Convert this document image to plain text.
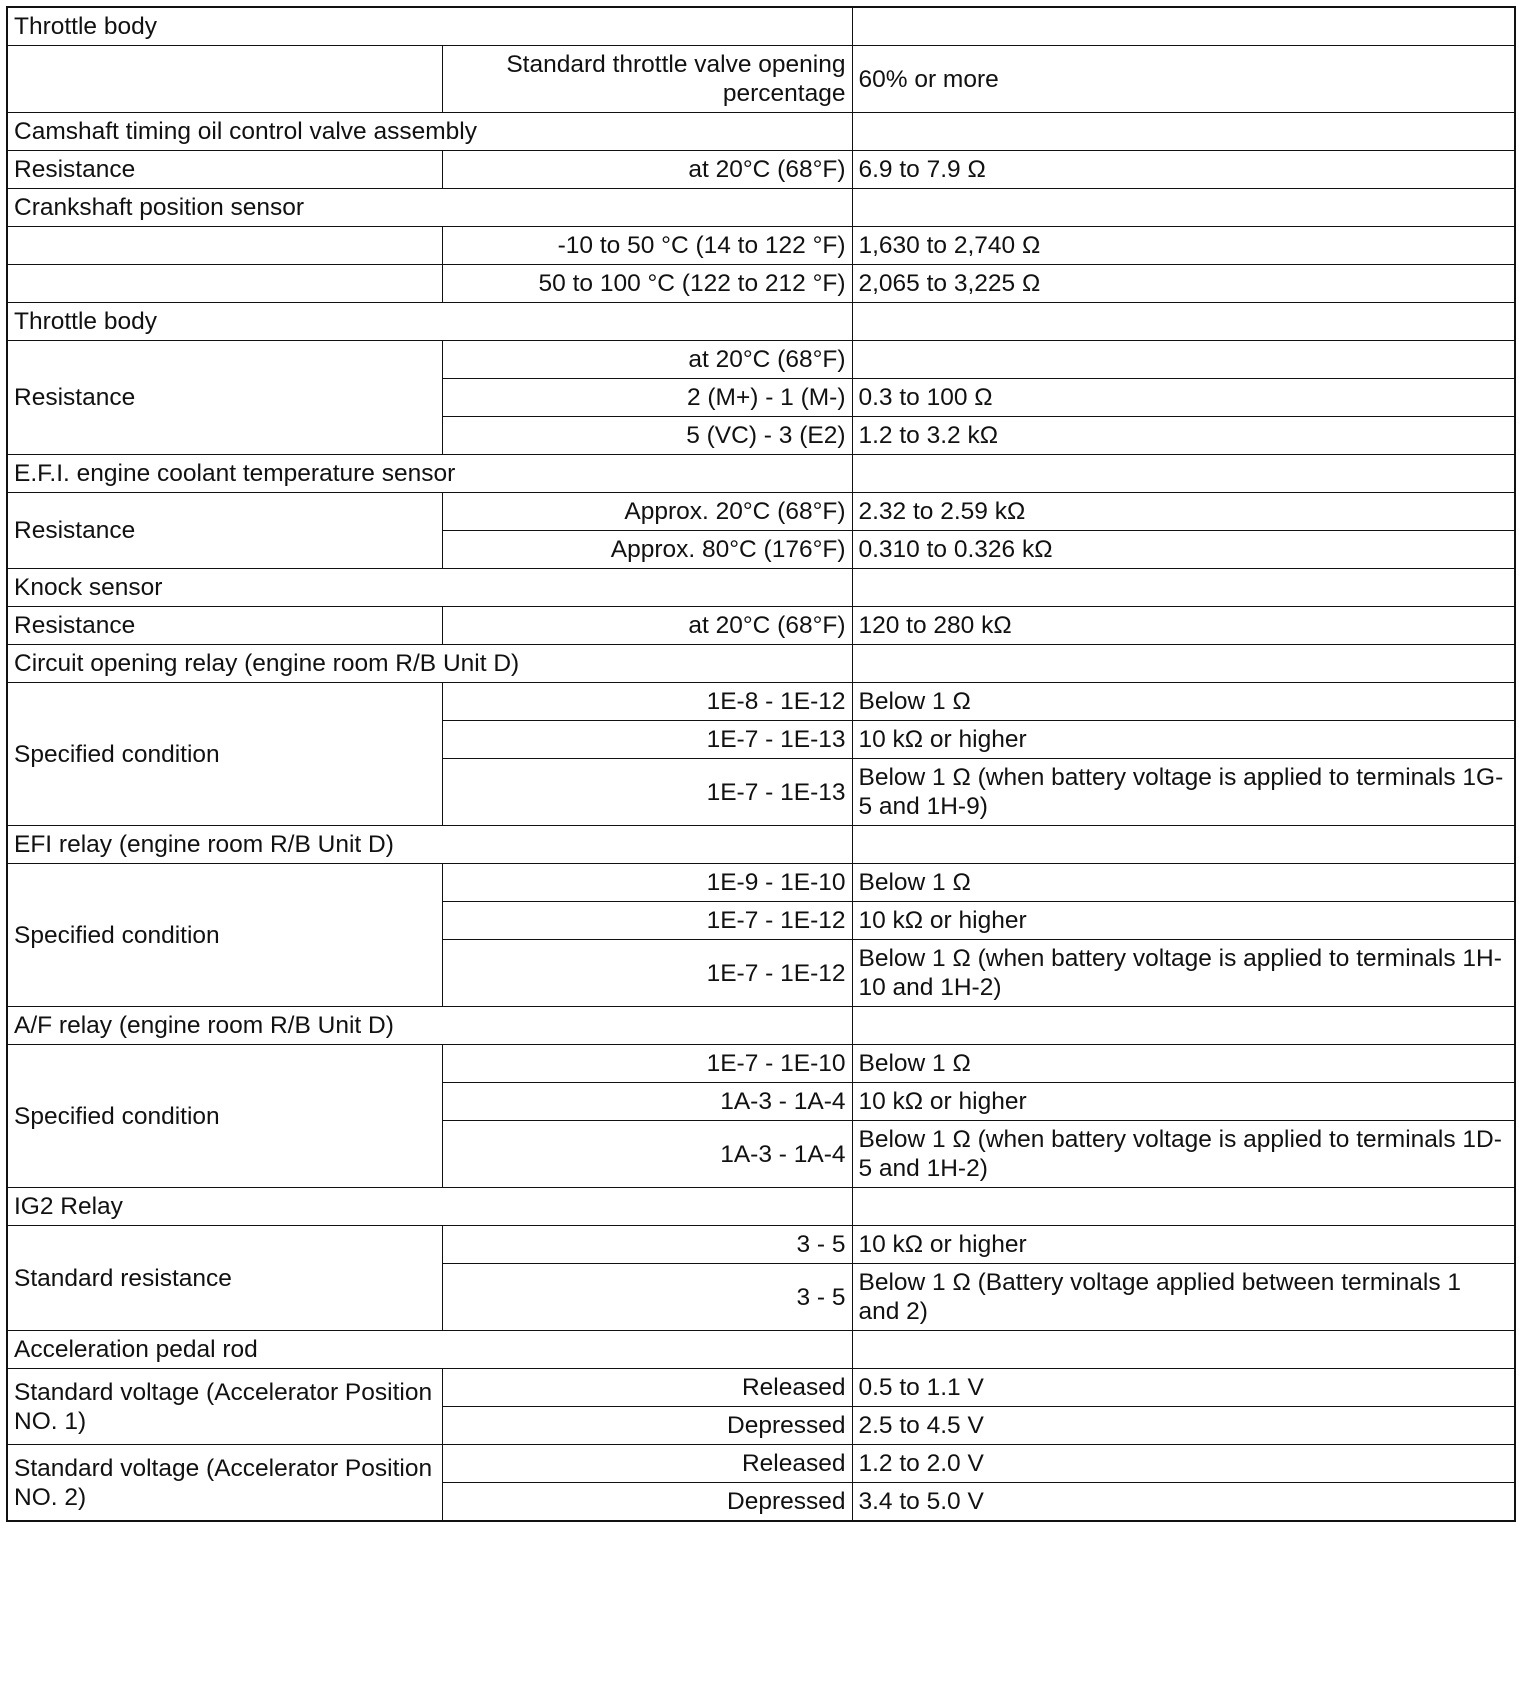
Throttle body		
	Standard throttle valve opening percentage	60% or more
Camshaft timing oil control valve assembly		
Resistance	at 20°C (68°F)	6.9 to 7.9 Ω
Crankshaft position sensor		
	-10 to 50 °C (14 to 122 °F)	1,630 to 2,740 Ω
	50 to 100 °C (122 to 212 °F)	2,065 to 3,225 Ω
Throttle body		
Resistance	at 20°C (68°F)	
	2 (M+) - 1 (M-)	0.3 to 100 Ω
	5 (VC) - 3 (E2)	1.2 to 3.2 kΩ
E.F.I. engine coolant temperature sensor		
Resistance	Approx. 20°C (68°F)	2.32 to 2.59 kΩ
	Approx. 80°C (176°F)	0.310 to 0.326 kΩ
Knock sensor		
Resistance	at 20°C (68°F)	120 to 280 kΩ
Circuit opening relay (engine room R/B Unit D)		
Specified condition	1E-8 - 1E-12	Below 1 Ω
	1E-7 - 1E-13	10 kΩ or higher
	1E-7 - 1E-13	Below 1 Ω (when battery voltage is applied to terminals 1G-5 and 1H-9)
EFI relay (engine room R/B Unit D)		
Specified condition	1E-9 - 1E-10	Below 1 Ω
	1E-7 - 1E-12	10 kΩ or higher
	1E-7 - 1E-12	Below 1 Ω (when battery voltage is applied to terminals 1H-10 and 1H-2)
A/F relay (engine room R/B Unit D)		
Specified condition	1E-7 - 1E-10	Below 1 Ω
	1A-3 - 1A-4	10 kΩ or higher
	1A-3 - 1A-4	Below 1 Ω (when battery voltage is applied to terminals 1D-5 and 1H-2)
IG2 Relay		
Standard resistance	3 - 5	10 kΩ or higher
	3 - 5	Below 1 Ω (Battery voltage applied between terminals 1 and 2)
Acceleration pedal rod		
Standard voltage (Accelerator Position NO. 1)	Released	0.5 to 1.1 V
	Depressed	2.5 to 4.5 V
Standard voltage (Accelerator Position NO. 2)	Released	1.2 to 2.0 V
	Depressed	3.4 to 5.0 V
